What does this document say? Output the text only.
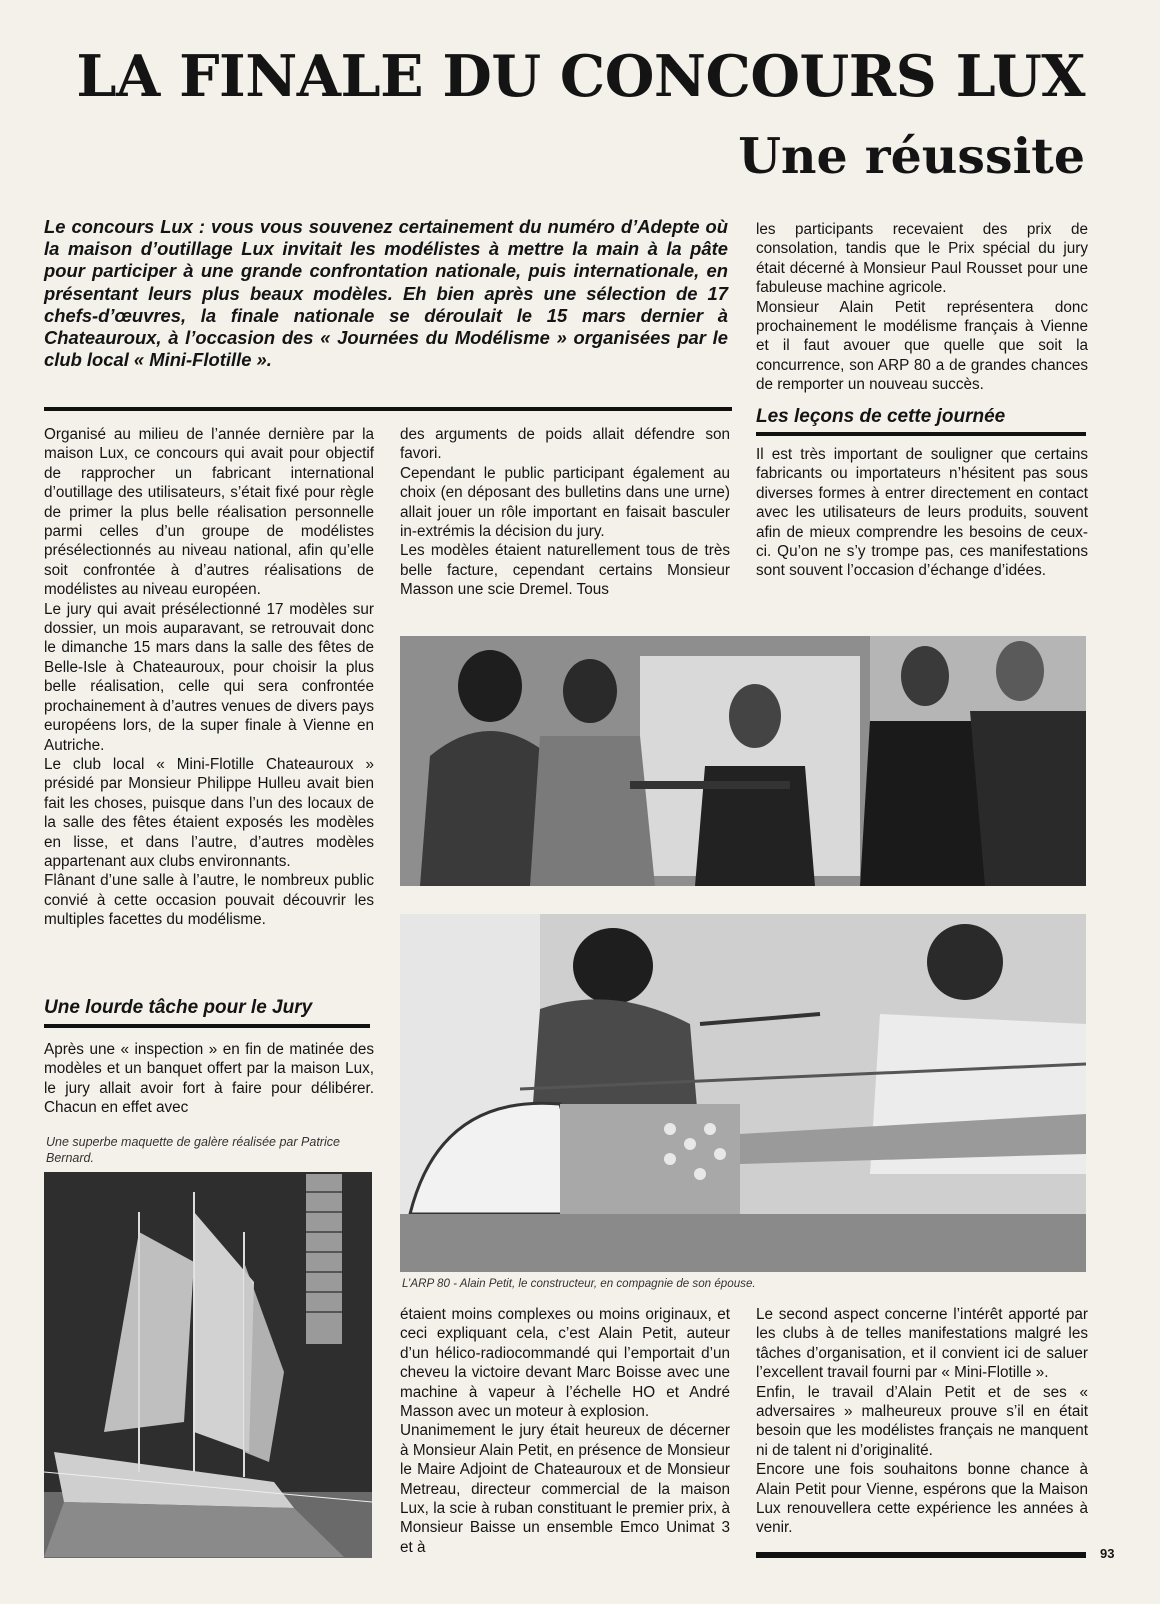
LA FINALE DU CONCOURS LUX
Une réussite

Le concours Lux : vous vous souvenez certainement du numéro d’Adepte où la maison d’outillage Lux invitait les modélistes à mettre la main à la pâte pour participer à une grande confrontation nationale, puis internationale, en présentant leurs plus beaux modèles. Eh bien après une sélection de 17 chefs-d’œuvres, la finale nationale se déroulait le 15 mars dernier à Chateauroux, à l’occasion des « Journées du Modélisme » organisées par le club local « Mini-Flotille ».

Organisé au milieu de l’année dernière par la maison Lux, ce concours qui avait pour objectif de rapprocher un fabricant international d’outillage des utilisateurs, s’était fixé pour règle de primer la plus belle réalisation personnelle parmi celles d’un groupe de modélistes présélectionnés au niveau national, afin qu’elle soit confrontée à d’autres réalisations de modélistes au niveau européen.

Le jury qui avait présélectionné 17 modèles sur dossier, un mois auparavant, se retrouvait donc le dimanche 15 mars dans la salle des fêtes de Belle-Isle à Chateauroux, pour choisir la plus belle réalisation, celle qui sera confrontée prochainement à d’autres venues de divers pays européens lors, de la super finale à Vienne en Autriche.

Le club local « Mini-Flotille Chateauroux » présidé par Monsieur Philippe Hulleu avait bien fait les choses, puisque dans l’un des locaux de la salle des fêtes étaient exposés les modèles en lisse, et dans l’autre, d’autres modèles appartenant aux clubs environnants.

Flânant d’une salle à l’autre, le nombreux public convié à cette occasion pouvait découvrir les multiples facettes du modélisme.

Une lourde tâche pour le Jury

Après une « inspection » en fin de matinée des modèles et un banquet offert par la maison Lux, le jury allait avoir fort à faire pour délibérer. Chacun en effet avec

Une superbe maquette de galère réalisée par Patrice Bernard.

des arguments de poids allait défendre son favori.

Cependant le public participant également au choix (en déposant des bulletins dans une urne) allait jouer un rôle important en faisait basculer in-extrémis la décision du jury.

Les modèles étaient naturellement tous de très belle facture, cependant certains Monsieur Masson une scie Dremel. Tous

les participants recevaient des prix de consolation, tandis que le Prix spécial du jury était décerné à Monsieur Paul Rousset pour une fabuleuse machine agricole.

Monsieur Alain Petit représentera donc prochainement le modélisme français à Vienne et il faut avouer que quelle que soit la concurrence, son ARP 80 a de grandes chances de remporter un nouveau succès.

Les leçons de cette journée

Il est très important de souligner que certains fabricants ou importateurs n’hésitent pas sous diverses formes à entrer directement en contact avec les utilisateurs de leurs produits, souvent afin de mieux comprendre les besoins de ceux-ci. Qu’on ne s’y trompe pas, ces manifestations sont souvent l’occasion d’échange d’idées.

L’ARP 80 - Alain Petit, le constructeur, en compagnie de son épouse.

étaient moins complexes ou moins originaux, et ceci expliquant cela, c’est Alain Petit, auteur d’un hélico-radiocommandé qui l’emportait d’un cheveu la victoire devant Marc Boisse avec une machine à vapeur à l’échelle HO et André Masson avec un moteur à explosion.

Unanimement le jury était heureux de décerner à Monsieur Alain Petit, en présence de Monsieur le Maire Adjoint de Chateauroux et de Monsieur Metreau, directeur commercial de la maison Lux, la scie à ruban constituant le premier prix, à Monsieur Baisse un ensemble Emco Unimat 3 et à

Le second aspect concerne l’intérêt apporté par les clubs à de telles manifestations malgré les tâches d’organisation, et il convient ici de saluer l’excellent travail fourni par « Mini-Flotille ».

Enfin, le travail d’Alain Petit et de ses « adversaires » malheureux prouve s’il en était besoin que les modélistes français ne manquent ni de talent ni d’originalité.

Encore une fois souhaitons bonne chance à Alain Petit pour Vienne, espérons que la Maison Lux renouvellera cette expérience les années à venir.

93
